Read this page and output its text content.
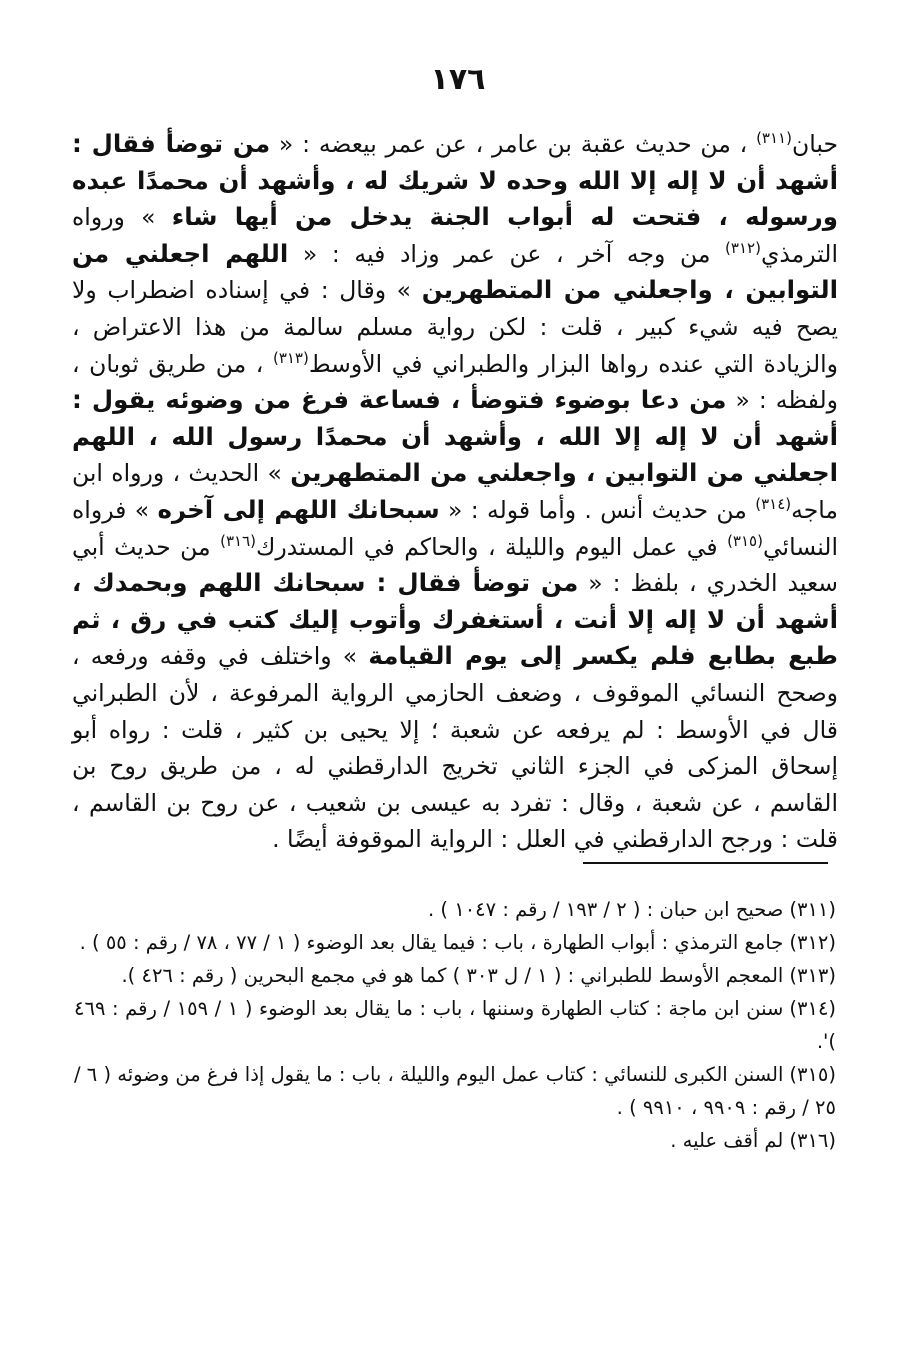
١٧٦
حبان$^{(٣١١)}$ ، من حديث عقبة بن عامر ، عن عمر بيعضه : « من توضأ فقال : أشهد أن لا إله إلا الله وحده لا شريك له ، وأشهد أن محمدًا عبده ورسوله ، فتحت له أبواب الجنة يدخل من أيها شاء » ورواه الترمذي$^{(٣١٢)}$ من وجه آخر ، عن عمر وزاد فيه : « اللهم اجعلني من التوابين ، واجعلني من المتطهرين » وقال : في إسناده اضطراب ولا يصح فيه شيء كبير ، قلت : لكن رواية مسلم سالمة من هذا الاعتراض ، والزيادة التي عنده رواها البزار والطبراني في الأوسط$^{(٣١٣)}$ ، من طريق ثوبان ، ولفظه : « من دعا بوضوء فتوضأ ، فساعة فرغ من وضوئه يقول : أشهد أن لا إله إلا الله ، وأشهد أن محمدًا رسول الله ، اللهم اجعلني من التوابين ، واجعلني من المتطهرين » الحديث ، ورواه ابن ماجه$^{(٣١٤)}$ من حديث أنس . وأما قوله : « سبحانك اللهم إلى آخره » فرواه النسائي$^{(٣١٥)}$ في عمل اليوم والليلة ، والحاكم في المستدرك$^{(٣١٦)}$ من حديث أبي سعيد الخدري ، بلفظ : « من توضأ فقال : سبحانك اللهم وبحمدك ، أشهد أن لا إله إلا أنت ، أستغفرك وأتوب إليك كتب في رق ، ثم طبع بطابع فلم يكسر إلى يوم القيامة » واختلف في وقفه ورفعه ، وصحح النسائي الموقوف ، وضعف الحازمي الرواية المرفوعة ، لأن الطبراني قال في الأوسط : لم يرفعه عن شعبة ؛ إلا يحيى بن كثير ، قلت : رواه أبو إسحاق المزكى في الجزء الثاني تخريج الدارقطني له ، من طريق روح بن القاسم ، عن شعبة ، وقال : تفرد به عيسى بن شعيب ، عن روح بن القاسم ، قلت : ورجح الدارقطني في العلل : الرواية الموقوفة أيضًا .

(٣١١)صحيح ابن حبان : ( ٢ / ١٩٣ / رقم : ١٠٤٧ ) .

(٣١٢)جامع الترمذي : أبواب الطهارة ، باب : فيما يقال بعد الوضوء ( ١ / ٧٧ ، ٧٨ / رقم : ٥٥ ) .

(٣١٣)المعجم الأوسط للطبراني : ( ١ / ل ٣٠٣ ) كما هو في مجمع البحرين ( رقم : ٤٢٦ ).

(٣١٤)سنن ابن ماجة : كتاب الطهارة وسننها ، باب : ما يقال بعد الوضوء ( ١ / ١٥٩ / رقم : ٤٦٩ )'.

(٣١٥)السنن الكبرى للنسائي : كتاب عمل اليوم والليلة ، باب : ما يقول إذا فرغ من وضوئه ( ٦ / ٢٥ / رقم : ٩٩٠٩ ، ٩٩١٠ ) .

(٣١٦)لم أقف عليه .
